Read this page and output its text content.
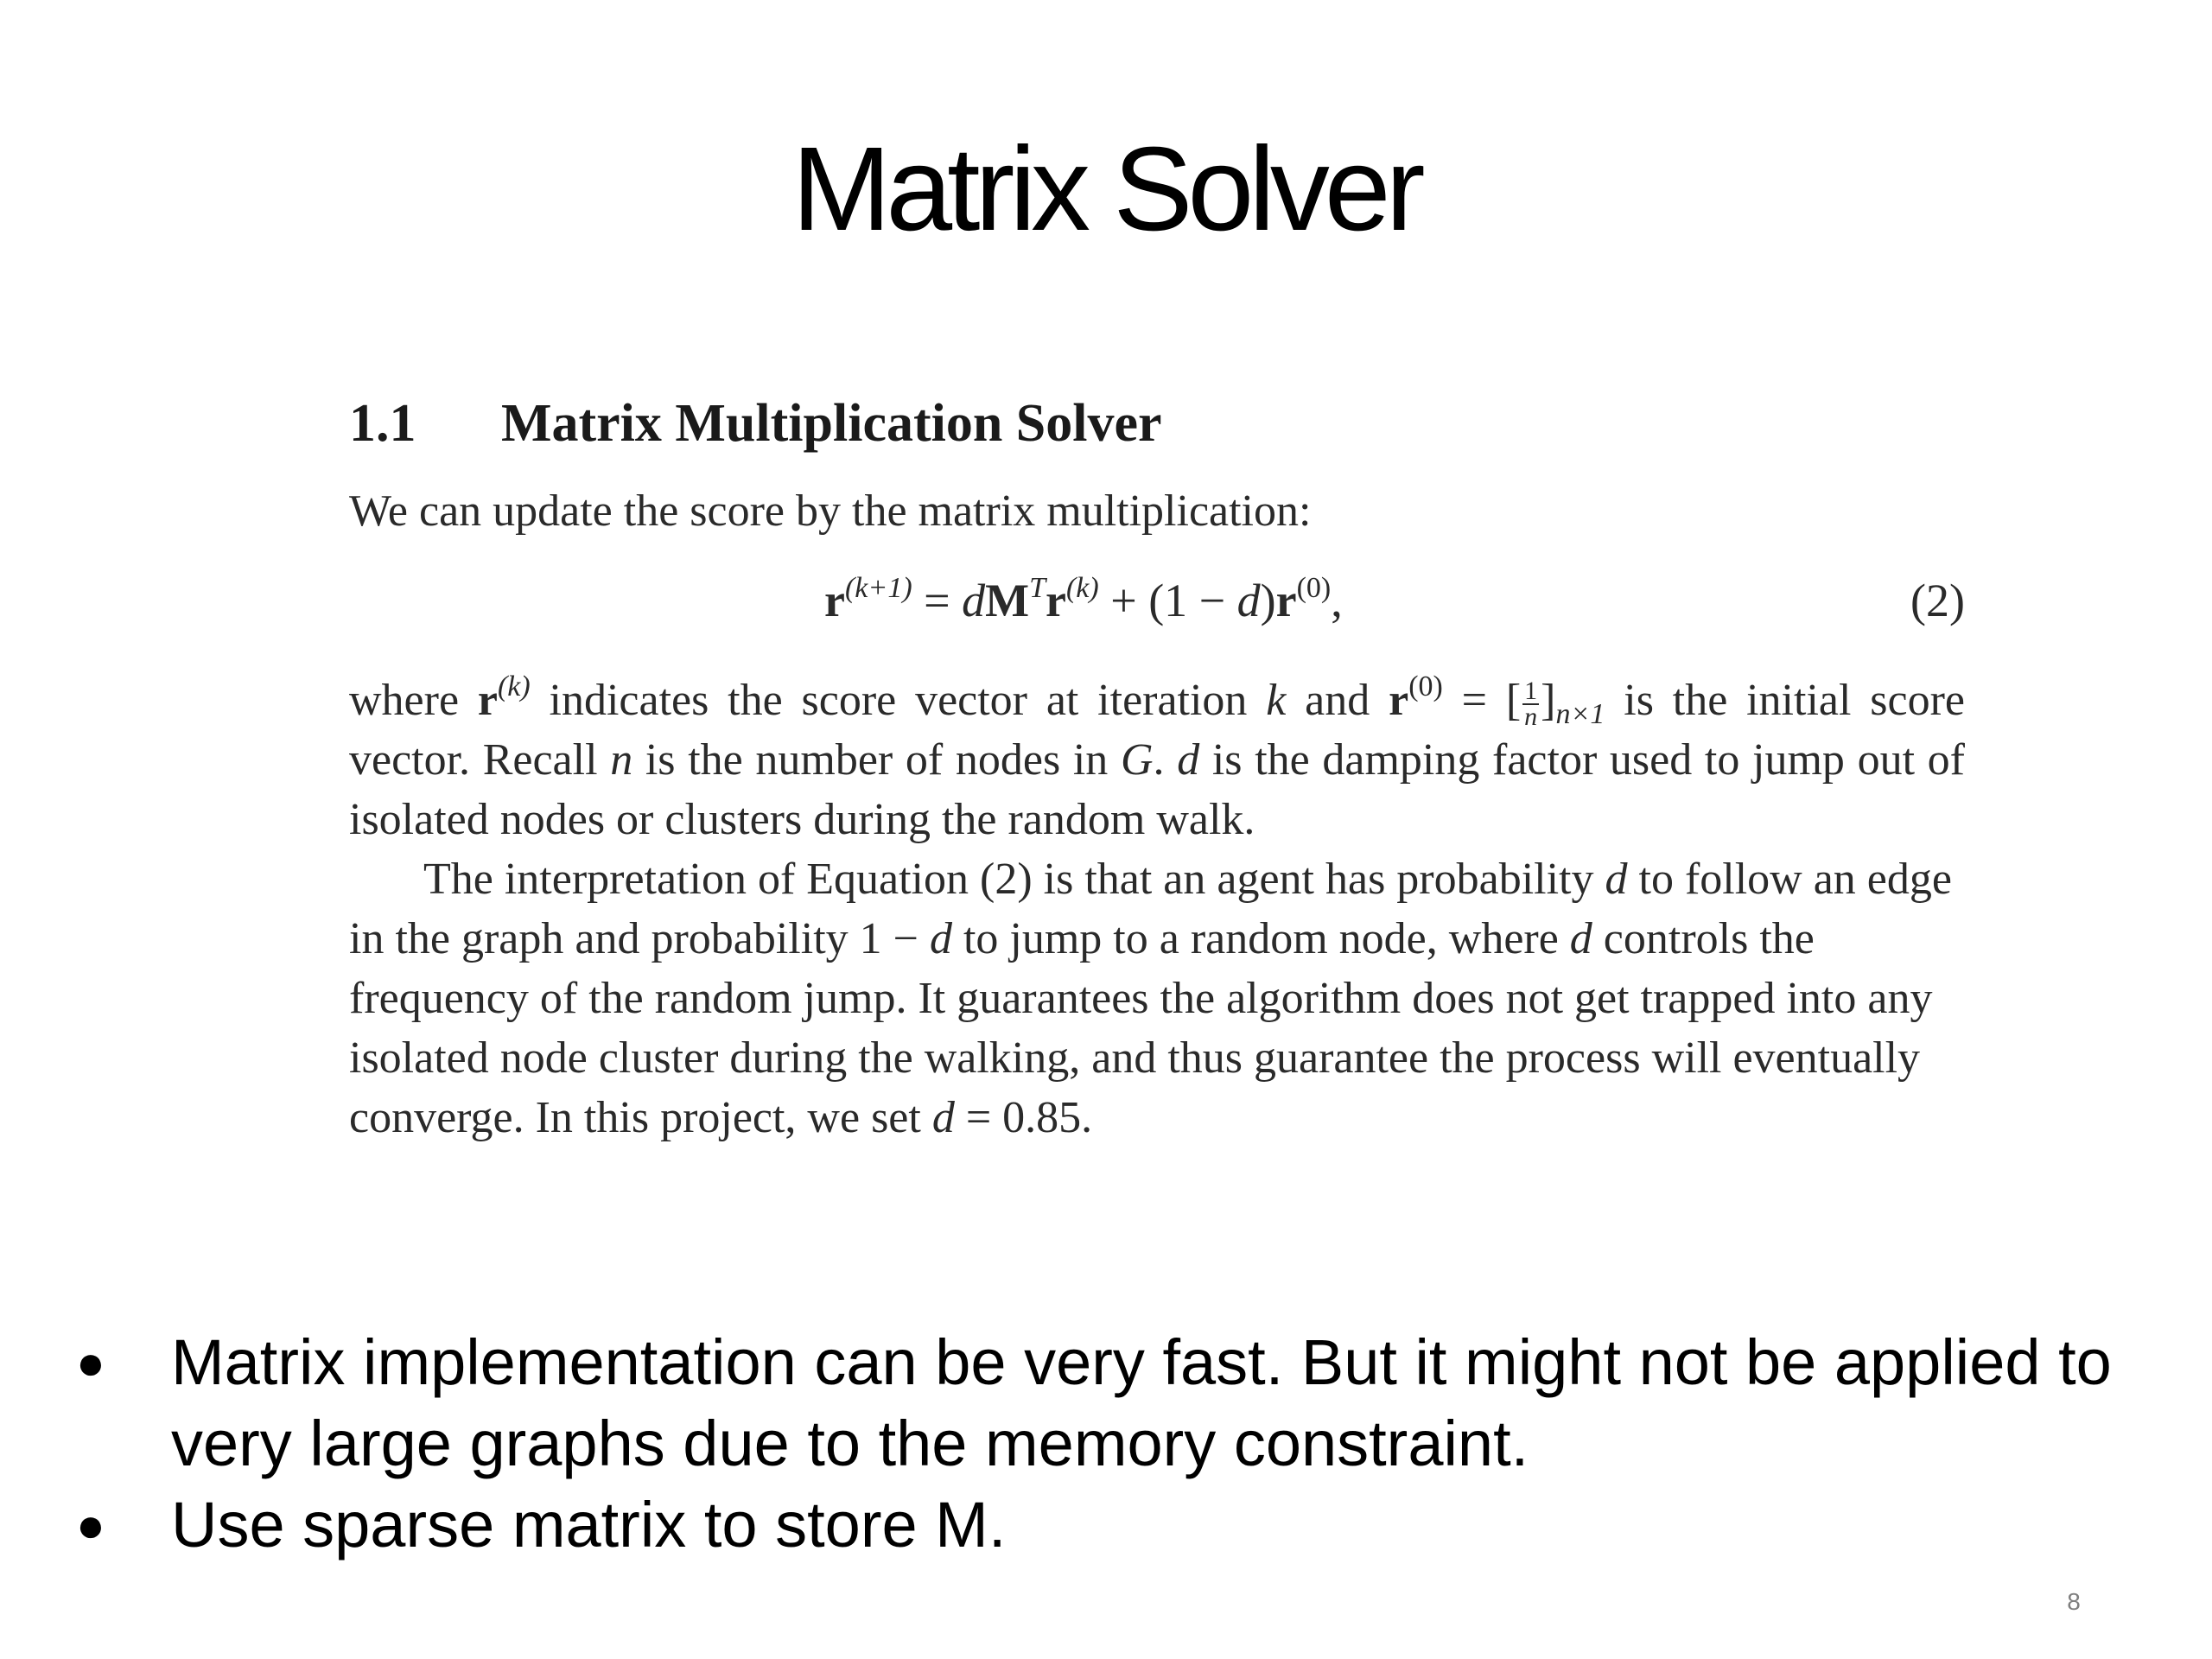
Matrix Solver
1.1 Matrix Multiplication Solver

We can update the score by the matrix multiplication:

$r^{(k+1)} = dM^Tr^{(k)} + (1 - d)r^{(0)}$,	(2)

where $r^{(k)}$ indicates the score vector at iteration k and $r^{(0)}$ = [ $\frac{1}{n} ]_{n\times 1}$ is the initial score vector. Recall n is the number of nodes in G. d is the damping factor used to jump out of isolated nodes or clusters during the random walk.

The interpretation of Equation (2) is that an agent has probability d to follow an edge in the graph and probability 1 − d to jump to a random node, where d controls the frequency of the random jump. It guarantees the algorithm does not get trapped into any isolated node cluster during the walking, and thus guarantee the process will eventually converge. In this project, we set d = 0.85.

● Matrix implementation can be very fast. But it might not be applied to very large graphs due to the memory constraint.
● Use sparse matrix to store M.
8
